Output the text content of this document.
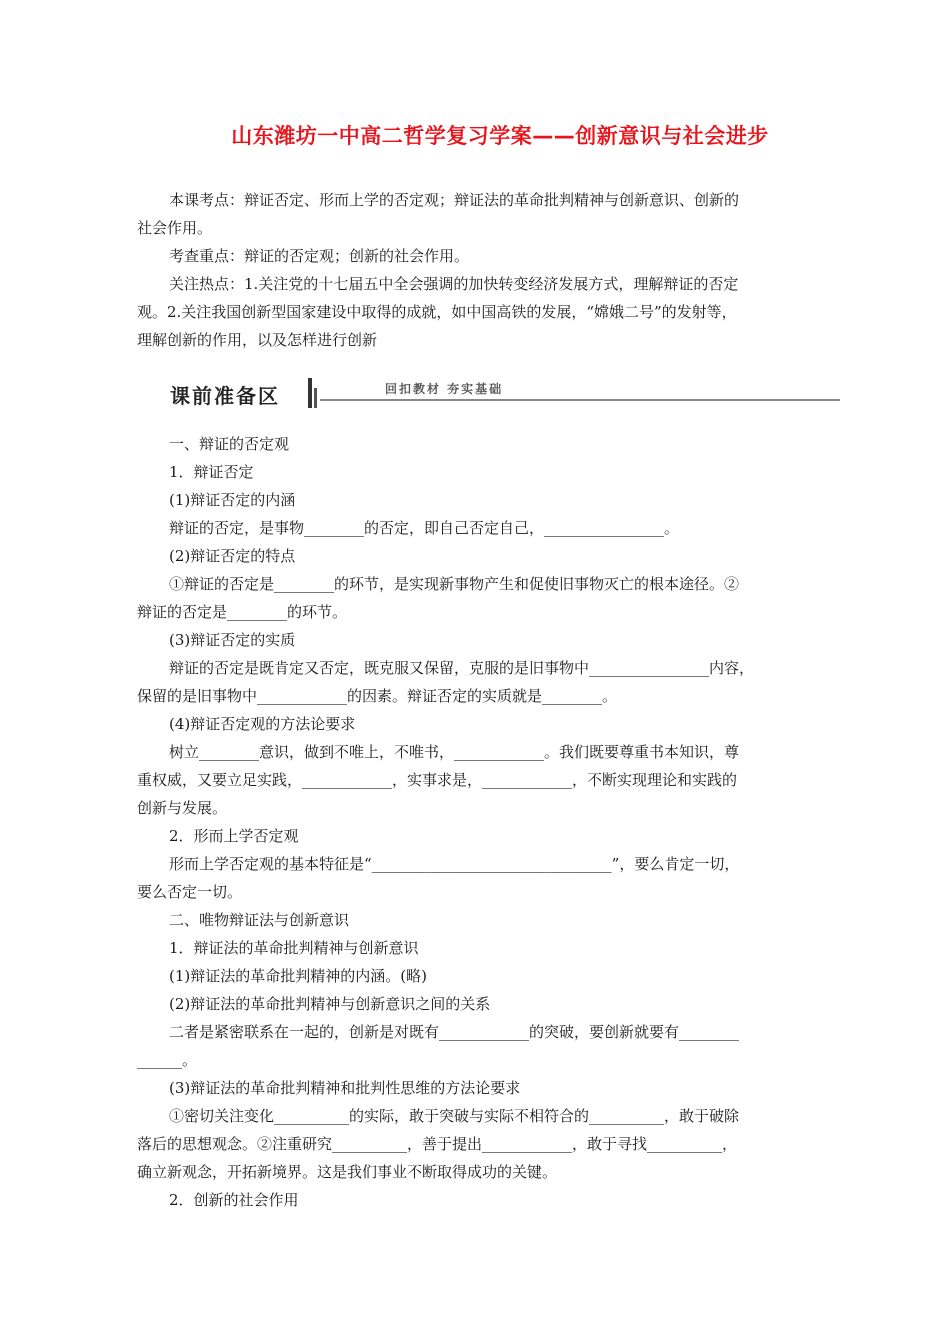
山东潍坊一中高二哲学复习学案——创新意识与社会进步
本课考点：辩证否定、形而上学的否定观；辩证法的革命批判精神与创新意识、创新的
社会作用。
考查重点：辩证的否定观；创新的社会作用。
关注热点：1.关注党的十七届五中全会强调的加快转变经济发展方式，理解辩证的否定
观。2.关注我国创新型国家建设中取得的成就，如中国高铁的发展，“嫦娥二号”的发射等，
理解创新的作用，以及怎样进行创新
课前准备区	回扣教材 夯实基础
一、辩证的否定观
1．辩证否定
(1)辩证否定的内涵
辩证的否定，是事物________的否定，即自己否定自己，________________。
(2)辩证否定的特点
①辩证的否定是________的环节，是实现新事物产生和促使旧事物灭亡的根本途径。②
辩证的否定是________的环节。
(3)辩证否定的实质
辩证的否定是既肯定又否定，既克服又保留，克服的是旧事物中________________内容，
保留的是旧事物中____________的因素。辩证否定的实质就是________。
(4)辩证否定观的方法论要求
树立________意识，做到不唯上，不唯书，____________。我们既要尊重书本知识，尊
重权威，又要立足实践，____________，实事求是，____________，不断实现理论和实践的
创新与发展。
2．形而上学否定观
形而上学否定观的基本特征是“________________________________”，要么肯定一切，
要么否定一切。
二、唯物辩证法与创新意识
1．辩证法的革命批判精神与创新意识
(1)辩证法的革命批判精神的内涵。(略)
(2)辩证法的革命批判精神与创新意识之间的关系
二者是紧密联系在一起的，创新是对既有____________的突破，要创新就要有________
______。
(3)辩证法的革命批判精神和批判性思维的方法论要求
①密切关注变化__________的实际，敢于突破与实际不相符合的__________，敢于破除
落后的思想观念。②注重研究__________，善于提出____________，敢于寻找__________，
确立新观念，开拓新境界。这是我们事业不断取得成功的关键。
2．创新的社会作用
